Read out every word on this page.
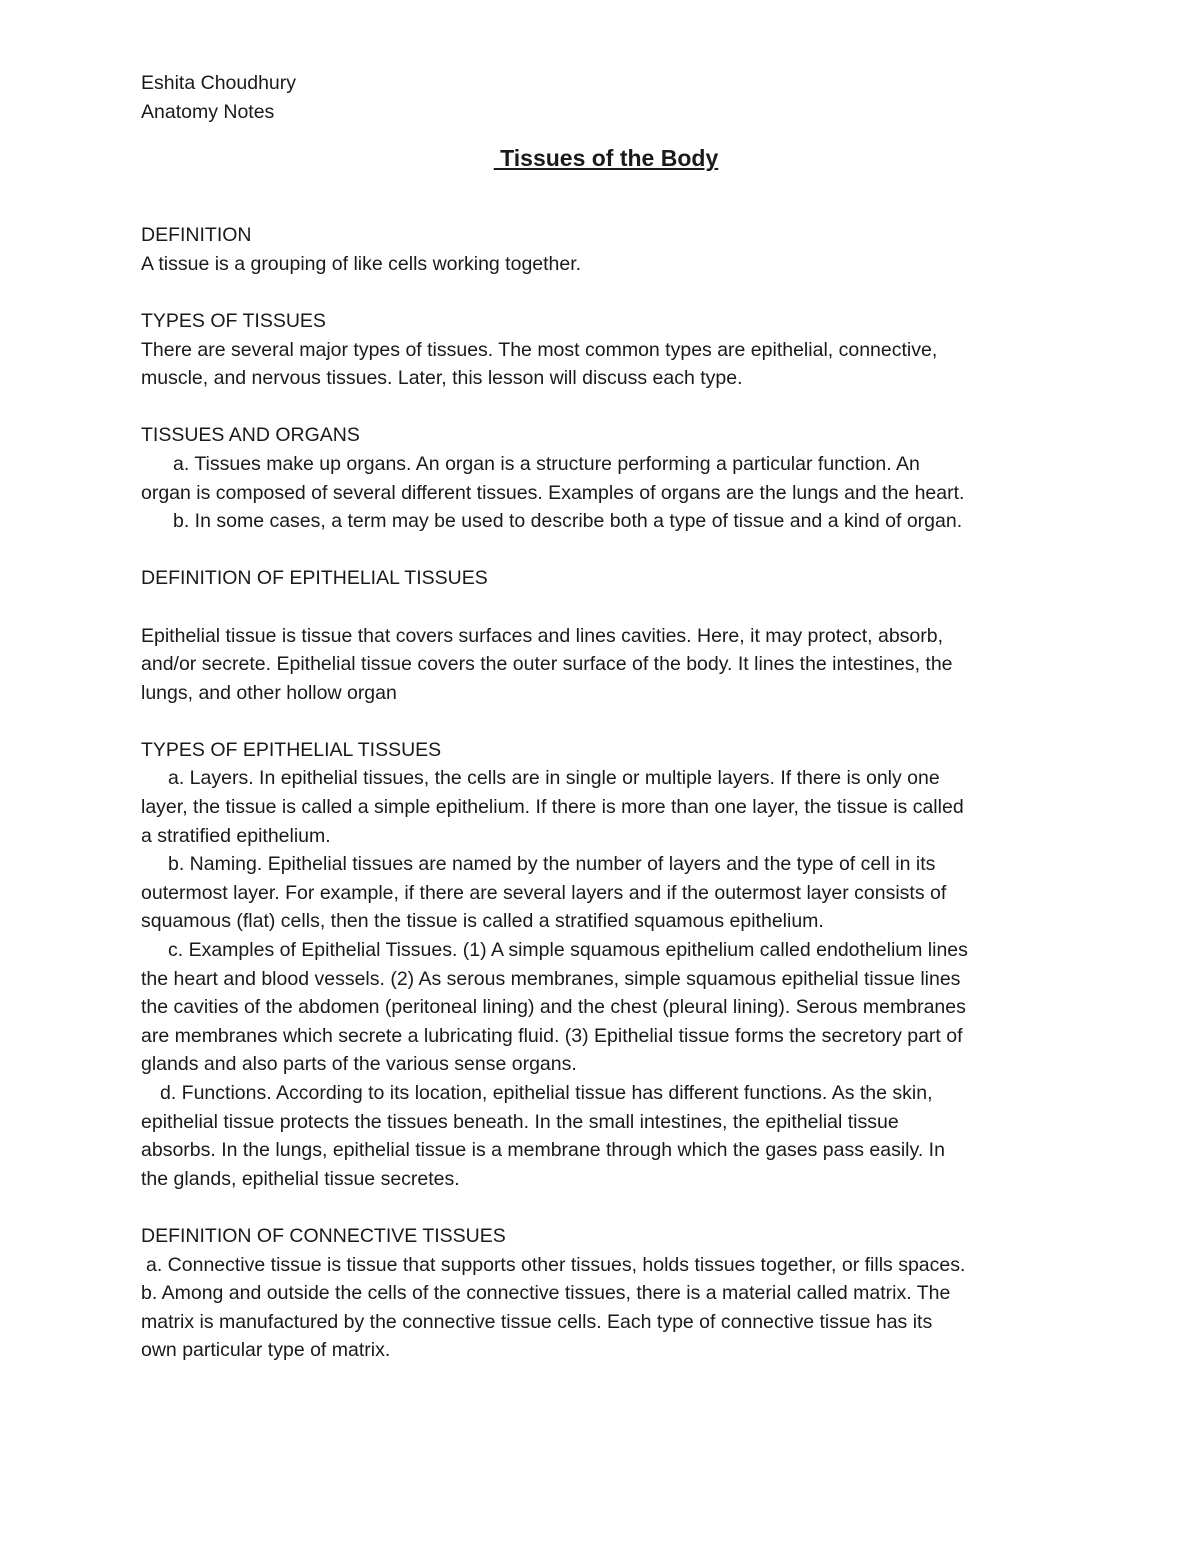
Eshita Choudhury
Anatomy Notes
Tissues of the Body
DEFINITION
A tissue is a grouping of like cells working together.
TYPES OF TISSUES
There are several major types of tissues. The most common types are epithelial, connective,
muscle, and nervous tissues. Later, this lesson will discuss each type.
TISSUES AND ORGANS
a. Tissues make up organs. An organ is a structure performing a particular function. An
organ is composed of several different tissues. Examples of organs are the lungs and the heart.
b. In some cases, a term may be used to describe both a type of tissue and a kind of organ.
DEFINITION OF EPITHELIAL TISSUES
Epithelial tissue is tissue that covers surfaces and lines cavities. Here, it may protect, absorb,
and/or secrete. Epithelial tissue covers the outer surface of the body. It lines the intestines, the
lungs, and other hollow organ
TYPES OF EPITHELIAL TISSUES
a. Layers. In epithelial tissues, the cells are in single or multiple layers. If there is only one
layer, the tissue is called a simple epithelium. If there is more than one layer, the tissue is called
a stratified epithelium.
b. Naming. Epithelial tissues are named by the number of layers and the type of cell in its
outermost layer. For example, if there are several layers and if the outermost layer consists of
squamous (flat) cells, then the tissue is called a stratified squamous epithelium.
c. Examples of Epithelial Tissues. (1) A simple squamous epithelium called endothelium lines
the heart and blood vessels. (2) As serous membranes, simple squamous epithelial tissue lines
the cavities of the abdomen (peritoneal lining) and the chest (pleural lining). Serous membranes
are membranes which secrete a lubricating fluid. (3) Epithelial tissue forms the secretory part of
glands and also parts of the various sense organs.
d. Functions. According to its location, epithelial tissue has different functions. As the skin,
epithelial tissue protects the tissues beneath. In the small intestines, the epithelial tissue
absorbs. In the lungs, epithelial tissue is a membrane through which the gases pass easily. In
the glands, epithelial tissue secretes.
DEFINITION OF CONNECTIVE TISSUES
a. Connective tissue is tissue that supports other tissues, holds tissues together, or fills spaces.
b. Among and outside the cells of the connective tissues, there is a material called matrix. The
matrix is manufactured by the connective tissue cells. Each type of connective tissue has its
own particular type of matrix.
